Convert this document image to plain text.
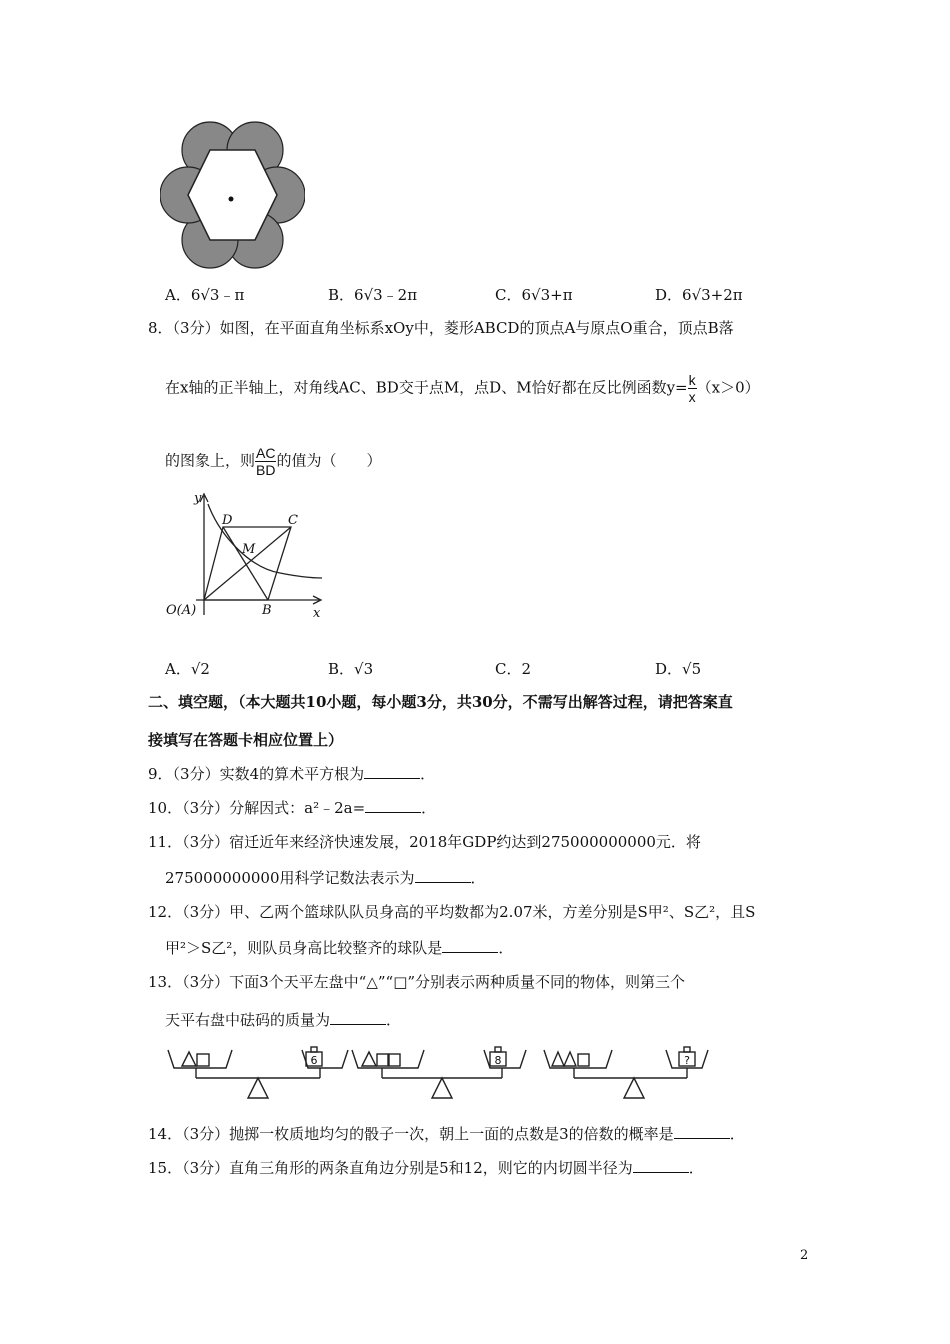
A．6√3﹣π	B．6√3﹣2π	C．6√3+π	D．6√3+2π
8．（3分）如图，在平面直角坐标系xOy中，菱形ABCD的顶点A与原点O重合，顶点B落
在x轴的正半轴上，对角线AC、BD交于点M，点D、M恰好都在反比例函数$y= \frac{k}{x} (x>0)$
的图象上，则 $\frac{AC}{BD}$ 的值为（　　）
y
x
D	C
M
O(A)	B
A．√2	B．√3	C．2	D．√5
二、填空题，（本大题共10小题，每小题3分，共30分，不需写出解答过程，请把答案直
接填写在答题卡相应位置上）
9．（3分）实数4的算术平方根为	．
10．（3分）分解因式：a²﹣2a=	．
11．（3分）宿迁近年来经济快速发展，2018年GDP约达到275000000000元．将
275000000000用科学记数法表示为	．
12．（3分）甲、乙两个篮球队队员身高的平均数都为2.07米，方差分别是S甲²、S乙²，且S
甲²＞S乙²，则队员身高比较整齐的球队是	．
13．（3分）下面3个天平左盘中“△”“□”分别表示两种质量不同的物体，则第三个
天平右盘中砝码的质量为	．
6	8	?
14．（3分）抛掷一枚质地均匀的骰子一次，朝上一面的点数是3的倍数的概率是	．
15．（3分）直角三角形的两条直角边分别是5和12，则它的内切圆半径为	．
2
